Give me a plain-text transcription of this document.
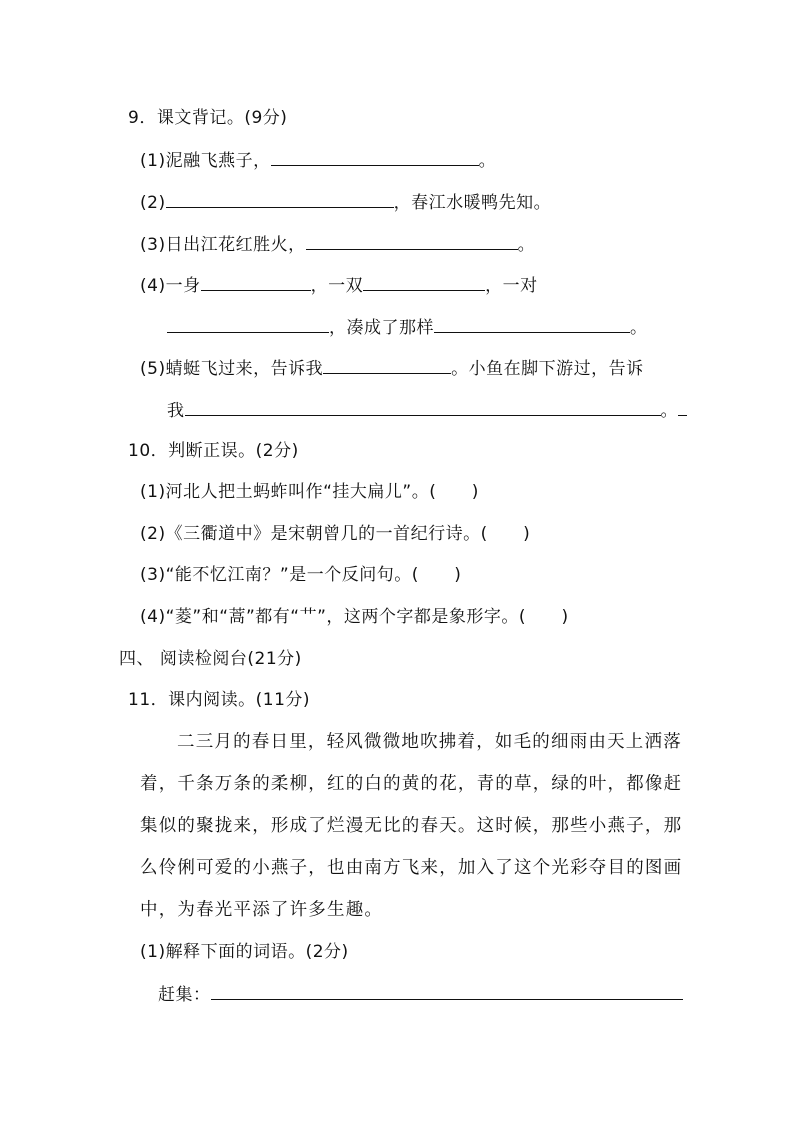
9．课文背记。(9分)
(1)泥融飞燕子，	。
(2)	，春江水暖鸭先知。
(3)日出江花红胜火，	。
(4)一身	，一双	，一对
，凑成了那样	。
(5)蜻蜓飞过来，告诉我	。小鱼在脚下游过，告诉
我	。
10．判断正误。(2分)
(1)河北人把土蚂蚱叫作“挂大扁儿”。(      )
(2)《三衢道中》是宋朝曾几的一首纪行诗。(      )
(3)“能不忆江南？”是一个反问句。(      )
(4)“菱”和“蒿”都有“艹”，这两个字都是象形字。(      )
四、 阅读检阅台(21分)
11．课内阅读。(11分)
二三月的春日里，轻风微微地吹拂着，如毛的细雨由天上洒落
着，千条万条的柔柳，红的白的黄的花，青的草，绿的叶，都像赶
集似的聚拢来，形成了烂漫无比的春天。这时候，那些小燕子，那
么伶俐可爱的小燕子，也由南方飞来，加入了这个光彩夺目的图画
中，为春光平添了许多生趣。
(1)解释下面的词语。(2分)
赶集：
